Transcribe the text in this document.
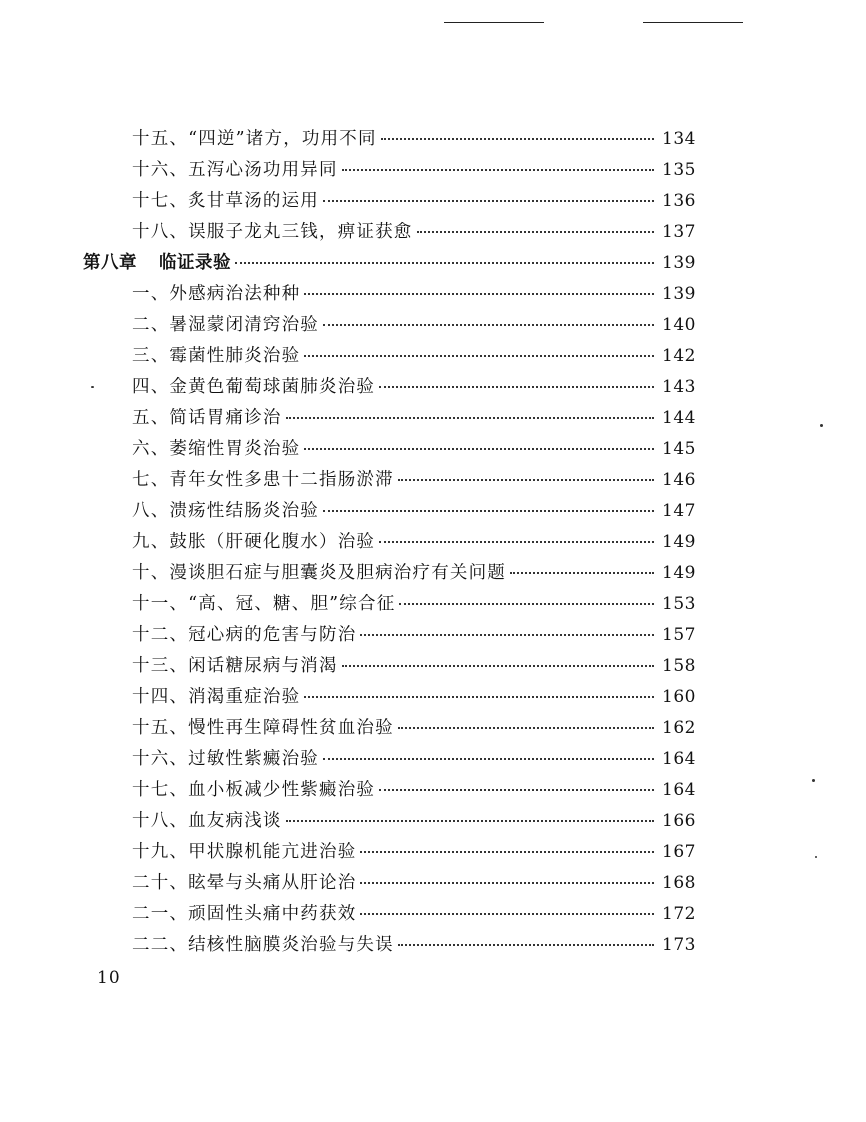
十五、“四逆”诸方，功用不同	134
十六、五泻心汤功用异同	135
十七、炙甘草汤的运用	136
十八、误服子龙丸三钱，痹证获愈	137
第八章 临证录验	139
一、外感病治法种种	139
二、暑湿蒙闭清窍治验	140
三、霉菌性肺炎治验	142
四、金黄色葡萄球菌肺炎治验	143
五、简话胃痛诊治	144
六、萎缩性胃炎治验	145
七、青年女性多患十二指肠淤滞	146
八、溃疡性结肠炎治验	147
九、鼓胀（肝硬化腹水）治验	149
十、漫谈胆石症与胆囊炎及胆病治疗有关问题	149
十一、“高、冠、糖、胆”综合征	153
十二、冠心病的危害与防治	157
十三、闲话糖尿病与消渴	158
十四、消渴重症治验	160
十五、慢性再生障碍性贫血治验	162
十六、过敏性紫癜治验	164
十七、血小板减少性紫癜治验	164
十八、血友病浅谈	166
十九、甲状腺机能亢进治验	167
二十、眩晕与头痛从肝论治	168
二一、顽固性头痛中药获效	172
二二、结核性脑膜炎治验与失误	173
10
